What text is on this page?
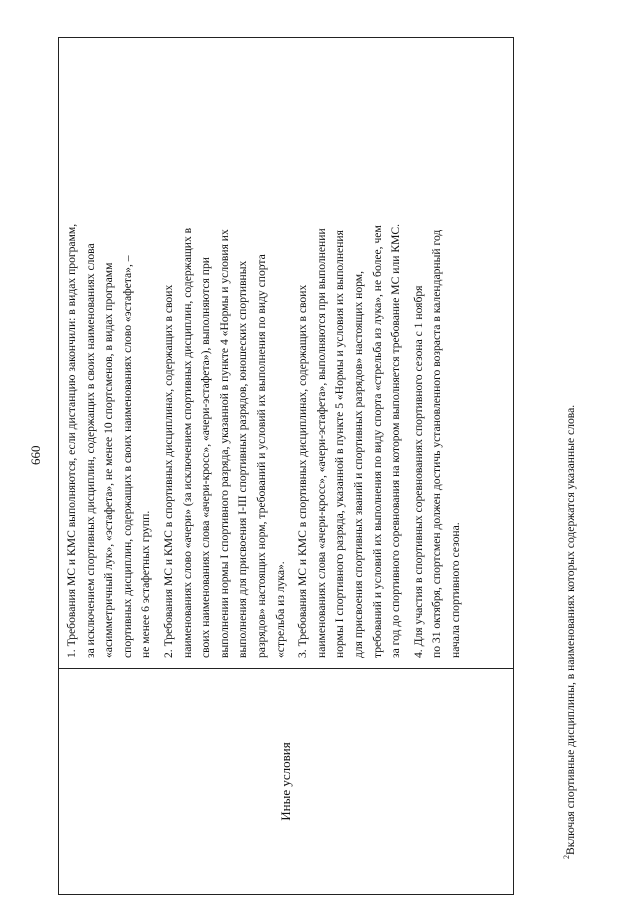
660
Иные условия
1. Требования МС и КМС выполняются, если дистанцию закончили: в видах программ, за исключением спортивных дисциплин, содержащих в своих наименованиях слова «асимметричный лук», «эстафета», не менее 10 спортсменов, в видах программ спортивных дисциплин, содержащих в своих наименованиях слово «эстафета», – не менее 6 эстафетных групп. 2. Требования МС и КМС в спортивных дисциплинах, содержащих в своих наименованиях слово «ачери» (за исключением спортивных дисциплин, содержащих в своих наименованиях слова «ачери-кросс», «ачери-эстафета»), выполняются при выполнении нормы I спортивного разряда, указанной в пункте 4 «Нормы и условия их выполнения для присвоения I-III спортивных разрядов, юношеских спортивных разрядов» настоящих норм, требований и условий их выполнения по виду спорта «стрельба из лука». 3. Требования МС и КМС в спортивных дисциплинах, содержащих в своих наименованиях слова «ачери-кросс», «ачери-эстафета», выполняются при выполнении нормы I спортивного разряда, указанной в пункте 5 «Нормы и условия их выполнения для присвоения спортивных званий и спортивных разрядов» настоящих норм, требований и условий их выполнения по виду спорта «стрельба из лука», не более, чем за год до спортивного соревнования на котором выполняется требование МС или КМС. 4. Для участия в спортивных соревнованиях спортивного сезона с 1 ноября по 31 октября, спортсмен должен достичь установленного возраста в календарный год начала спортивного сезона.
$^2$Включая спортивные дисциплины, в наименованиях которых содержатся указанные слова.
